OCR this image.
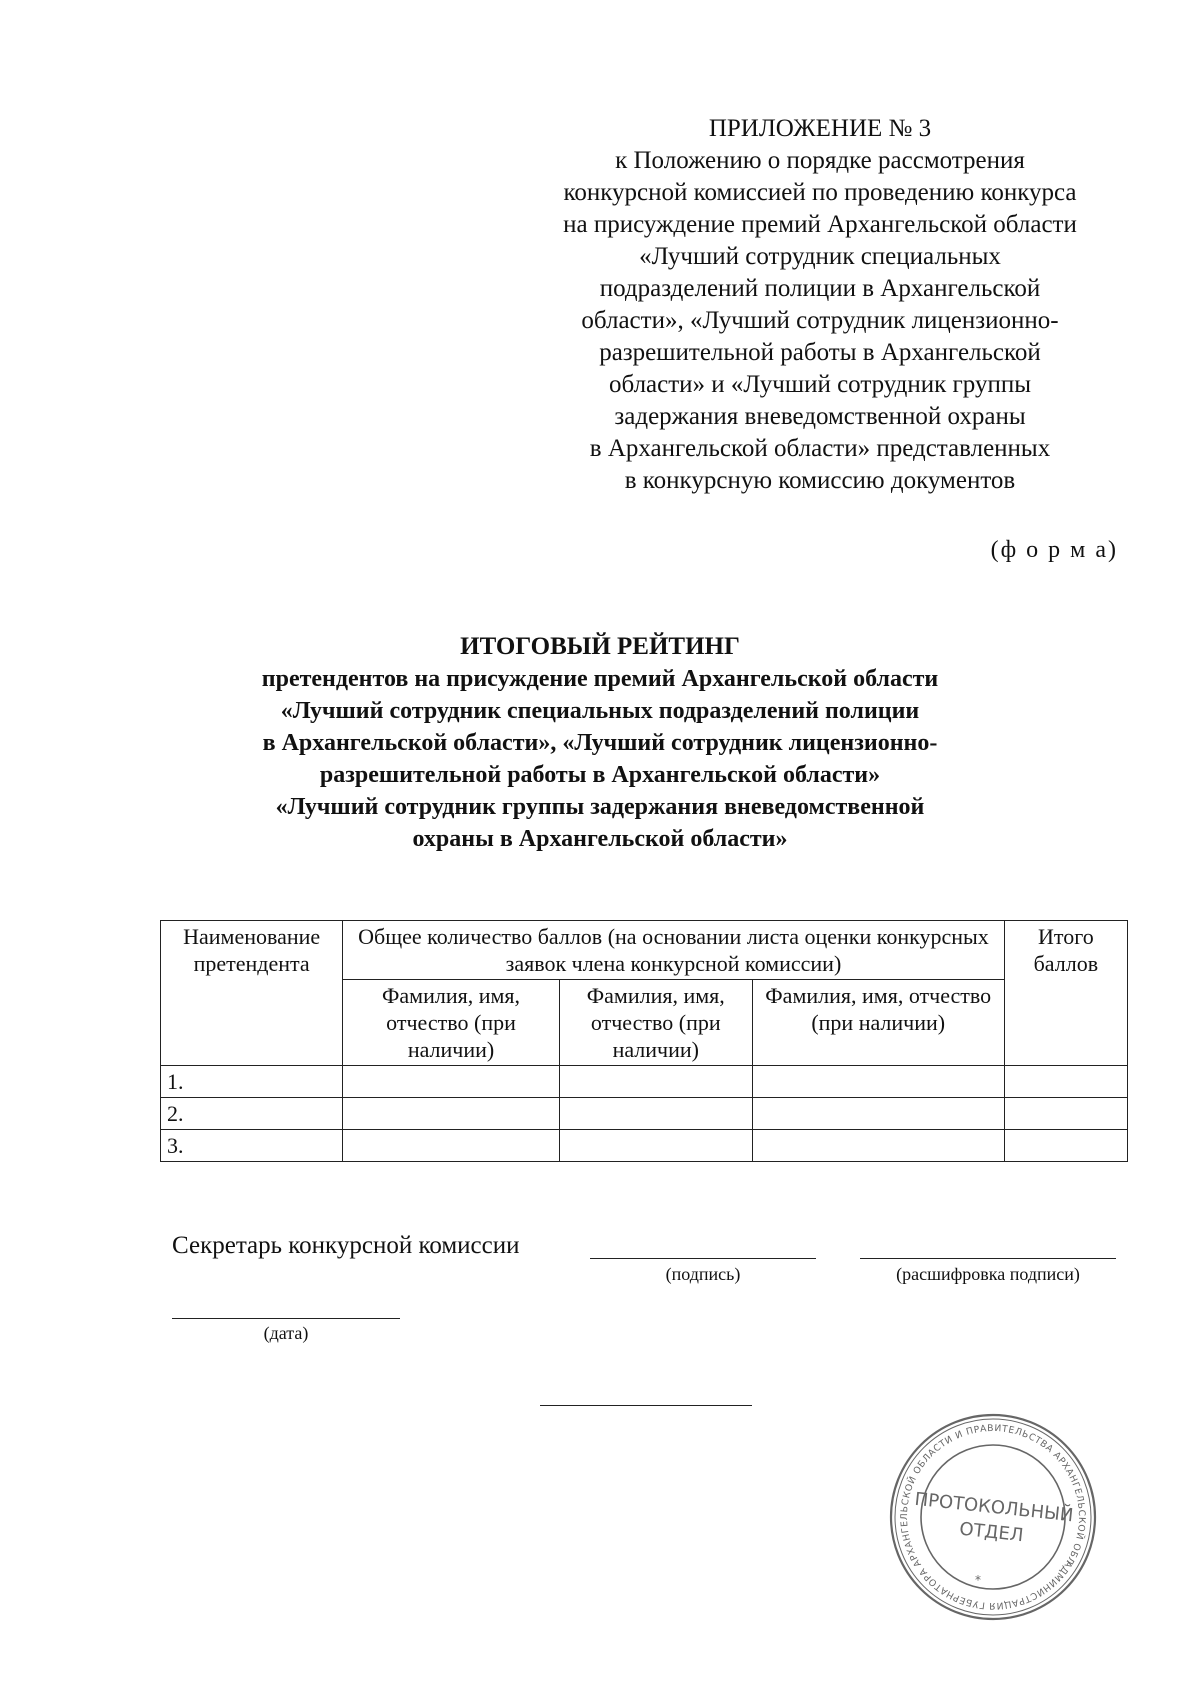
ПРИЛОЖЕНИЕ № 3
к Положению о порядке рассмотрения
конкурсной комиссией по проведению конкурса
на присуждение премий Архангельской области
«Лучший сотрудник специальных
подразделений полиции в Архангельской
области», «Лучший сотрудник лицензионно-
разрешительной работы в Архангельской
области» и «Лучший сотрудник группы
задержания вневедомственной охраны
в Архангельской области» представленных
в конкурсную комиссию документов
(ф о р м а)
ИТОГОВЫЙ РЕЙТИНГ
претендентов на присуждение премий Архангельской области
«Лучший сотрудник специальных подразделений полиции
в Архангельской области», «Лучший сотрудник лицензионно-
разрешительной работы в Архангельской области»
«Лучший сотрудник группы задержания вневедомственной
охраны в Архангельской области»
Наименование претендента	Общее количество баллов (на основании листа оценки конкурсных заявок члена конкурсной комиссии)			Итого баллов
	Фамилия, имя, отчество (при наличии)	Фамилия, имя, отчество (при наличии)	Фамилия, имя, отчество (при наличии)	
1.				
2.				
3.				
Секретарь конкурсной комиссии
(подпись)	(расшифровка подписи)
(дата)
АДМИНИСТРАЦИЯ ГУБЕРНАТОРА АРХАНГЕЛЬСКОЙ ОБЛАСТИ И ПРАВИТЕЛЬСТВА АРХАНГЕЛЬСКОЙ ОБЛАСТИ
ПРОТОКОЛЬНЫЙ
ОТДЕЛ
*
